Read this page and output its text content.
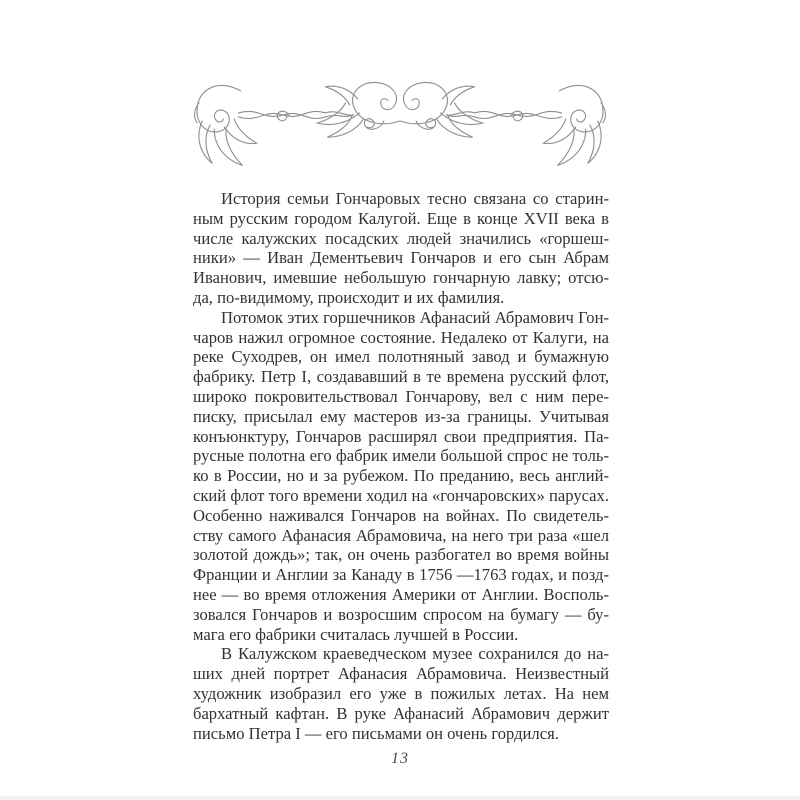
История семьи Гончаровых тесно связана со старин-
ным русским городом Калугой. Еще в конце XVII века в
числе калужских посадских людей значились «горшеш-
ники» — Иван Дементьевич Гончаров и его сын Абрам
Иванович, имевшие небольшую гончарную лавку; отсю-
да, по-видимому, происходит и их фамилия.
Потомок этих горшечников Афанасий Абрамович Гон-
чаров нажил огромное состояние. Недалеко от Калуги, на
реке Суходрев, он имел полотняный завод и бумажную
фабрику. Петр I, создававший в те времена русский флот,
широко покровительствовал Гончарову, вел с ним пере-
писку, присылал ему мастеров из-за границы. Учитывая
конъюнктуру, Гончаров расширял свои предприятия. Па-
русные полотна его фабрик имели большой спрос не толь-
ко в России, но и за рубежом. По преданию, весь англий-
ский флот того времени ходил на «гончаровских» парусах.
Особенно наживался Гончаров на войнах. По свидетель-
ству самого Афанасия Абрамовича, на него три раза «шел
золотой дождь»; так, он очень разбогател во время войны
Франции и Англии за Канаду в 1756 —1763 годах, и позд-
нее — во время отложения Америки от Англии. Восполь-
зовался Гончаров и возросшим спросом на бумагу — бу-
мага его фабрики считалась лучшей в России.
В Калужском краеведческом музее сохранился до на-
ших дней портрет Афанасия Абрамовича. Неизвестный
художник изобразил его уже в пожилых летах. На нем
бархатный кафтан. В руке Афанасий Абрамович держит
письмо Петра I — его письмами он очень гордился.
13
